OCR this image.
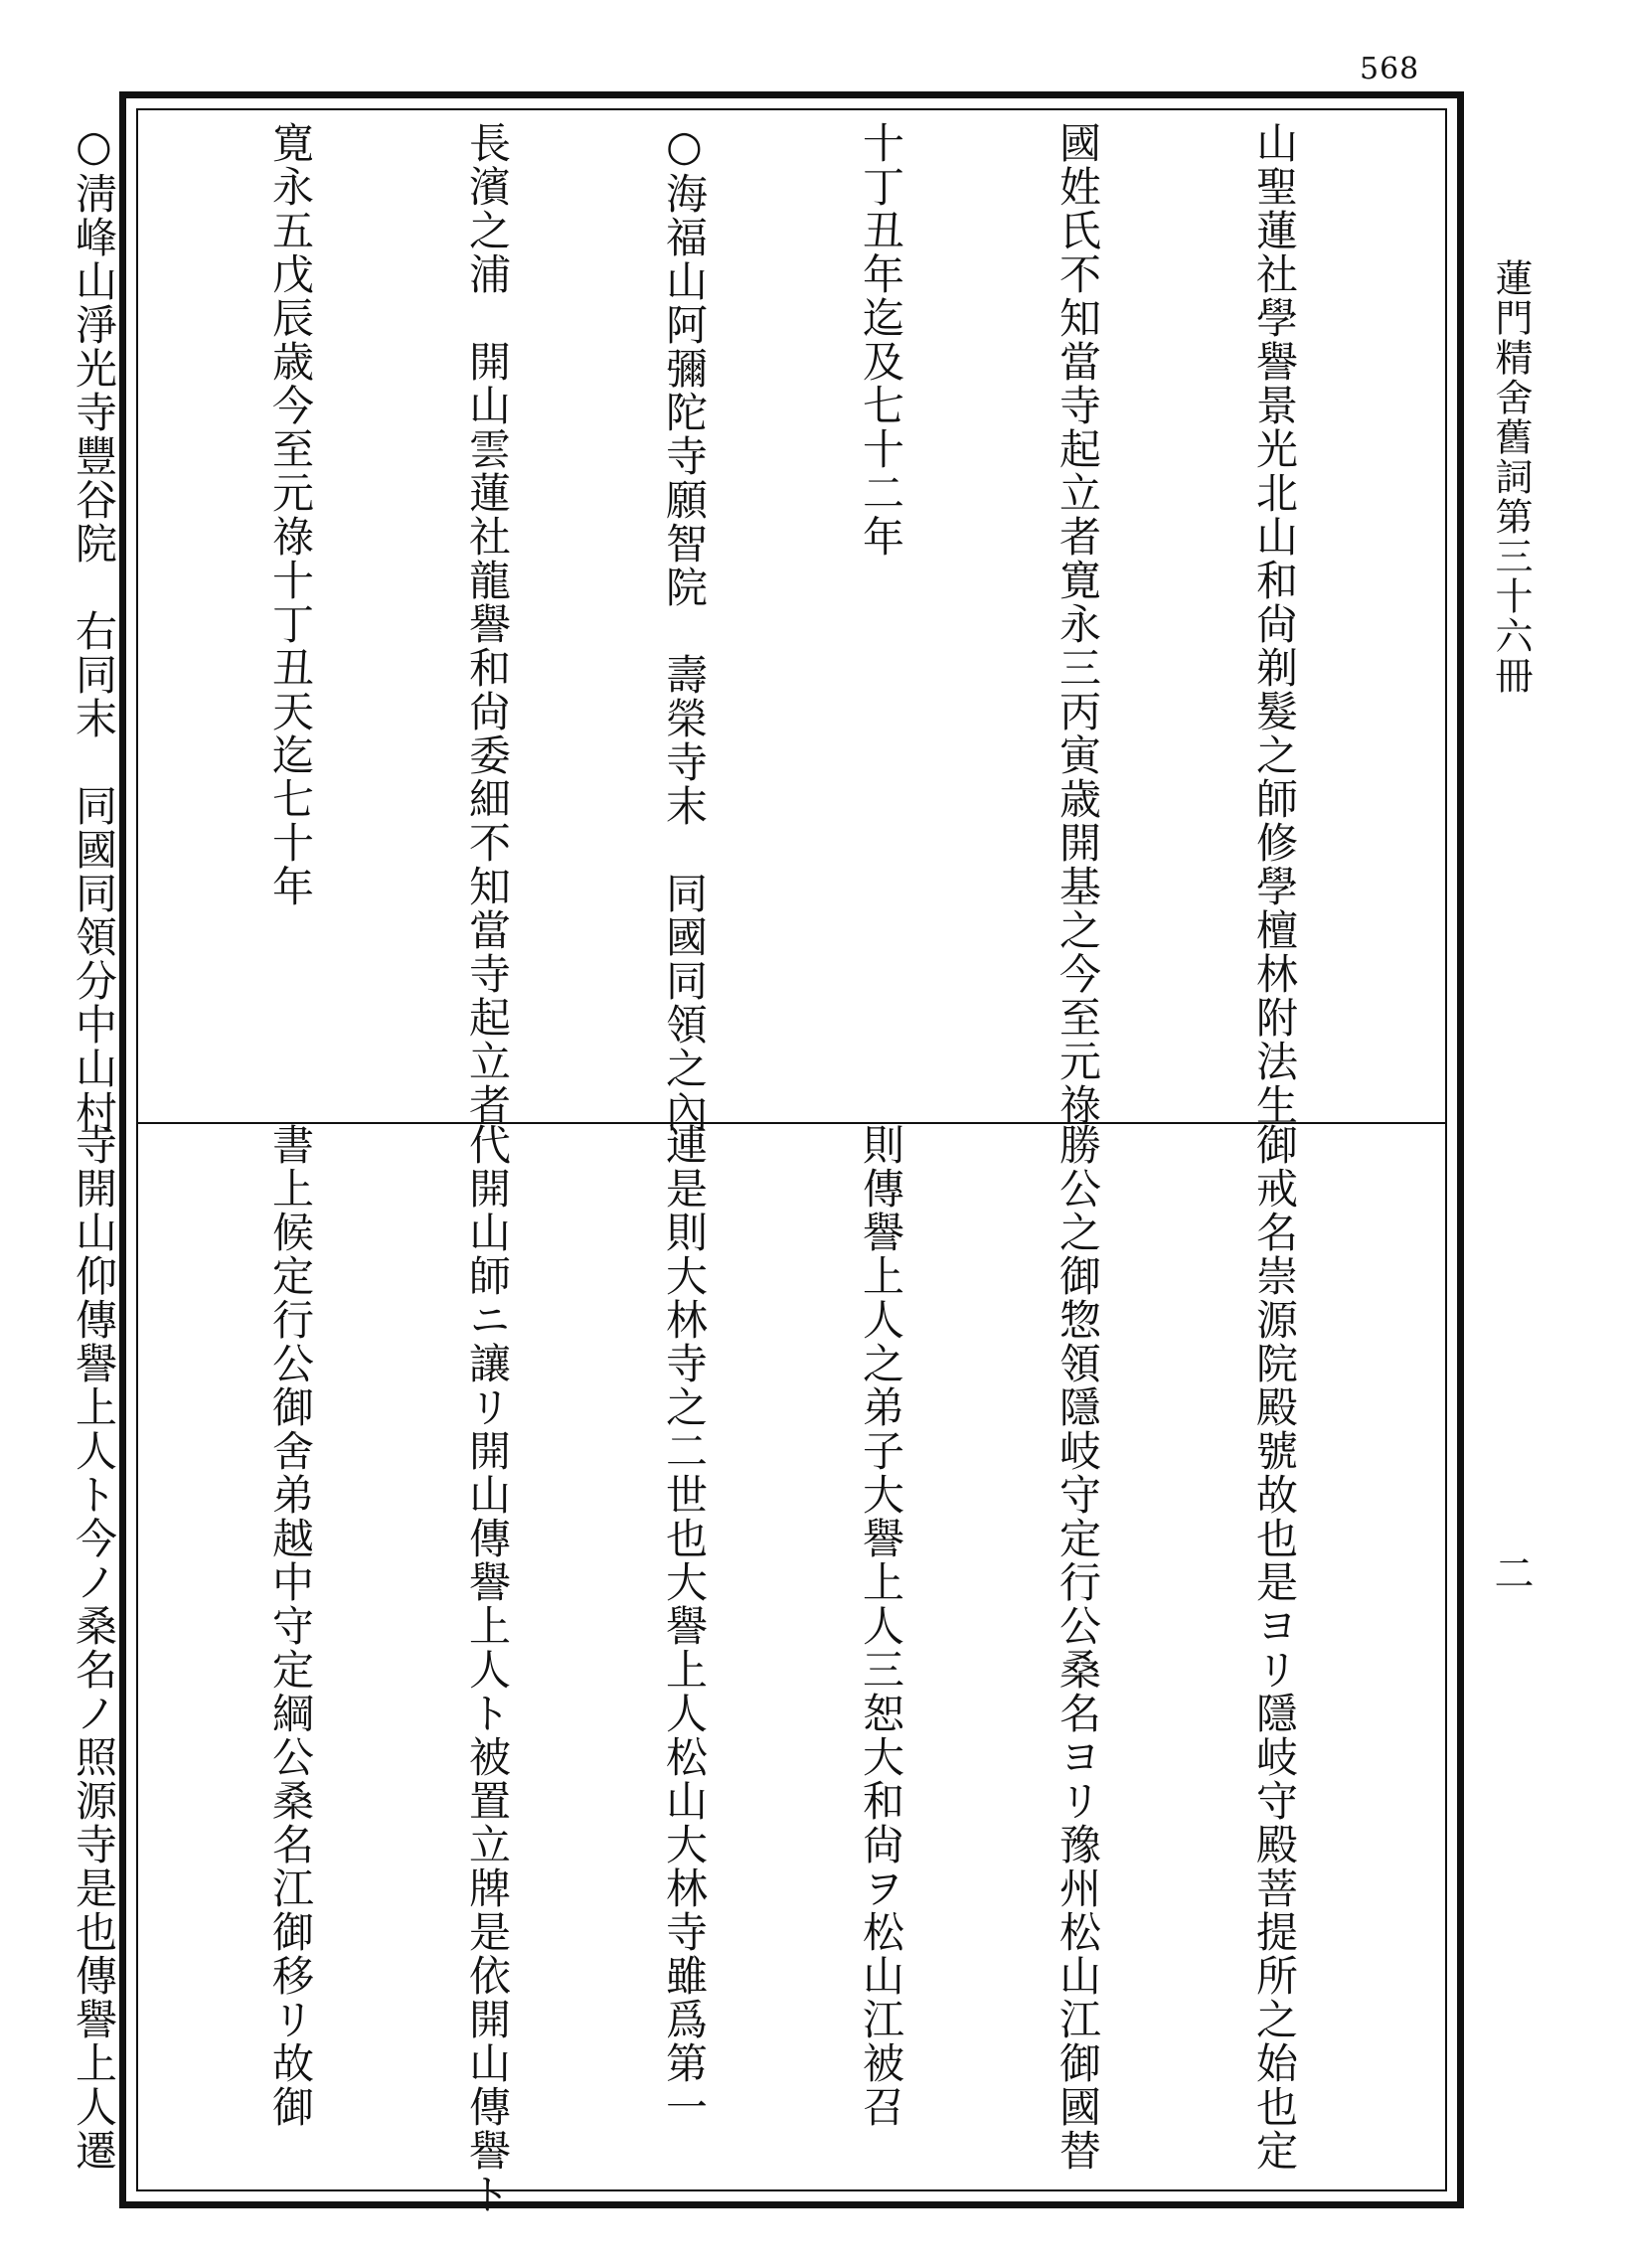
568
蓮門精舍舊詞第三十六冊
二

山聖蓮社學譽景光北山和尙剃髮之師修學檀林附法生

國姓氏不知當寺起立者寛永三丙寅歳開基之今至元祿

十丁丑年迄及七十二年

○海福山阿彌陀寺願智院　壽榮寺末　同國同領之內

長濱之浦　開山雲蓮社龍譽和尙委細不知當寺起立者

寛永五戊辰歳今至元祿十丁丑天迄七十年

○淸峰山淨光寺豐谷院　右同末　同國同領分中山村

御戒名崇源院殿號故也是ヨリ隱岐守殿菩提所之始也定

勝公之御惣領隱岐守定行公桑名ヨリ豫州松山江御國替

則傳譽上人之弟子大譽上人三恕大和尙ヲ松山江被召

連是則大林寺之二世也大譽上人松山大林寺雖爲第一

代開山師ニ讓リ開山傳譽上人ト被置立牌是依開山傳譽ト

書上候定行公御舍弟越中守定綱公桑名江御移リ故御

寺開山仰傳譽上人ト今ノ桑名ノ照源寺是也傳譽上人遷
